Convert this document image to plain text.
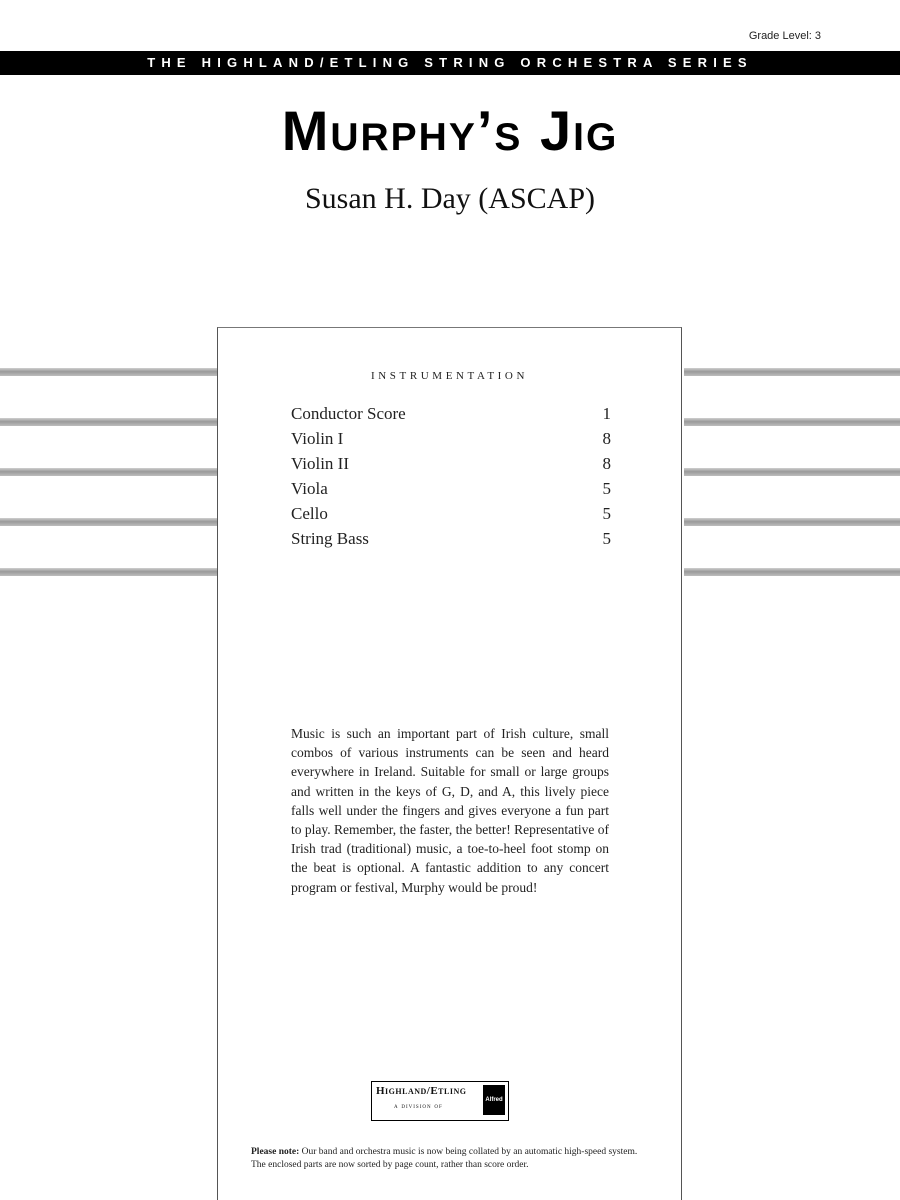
Grade Level: 3
THE HIGHLAND/ETLING STRING ORCHESTRA SERIES
Murphy’s Jig
Susan H. Day (ASCAP)
INSTRUMENTATION
Conductor Score	1
Violin I	8
Violin II	8
Viola	5
Cello	5
String Bass	5
Music is such an important part of Irish culture, small combos of various instruments can be seen and heard everywhere in Ireland. Suitable for small or large groups and written in the keys of G, D, and A, this lively piece falls well under the fingers and gives everyone a fun part to play. Remember, the faster, the better! Representative of Irish trad (traditional) music, a toe-to-heel foot stomp on the beat is optional. A fantastic addition to any concert program or festival, Murphy would be proud!
Highland/Etling
a division of
Alfred
Please note: Our band and orchestra music is now being collated by an automatic high-speed system. The enclosed parts are now sorted by page count, rather than score order.
